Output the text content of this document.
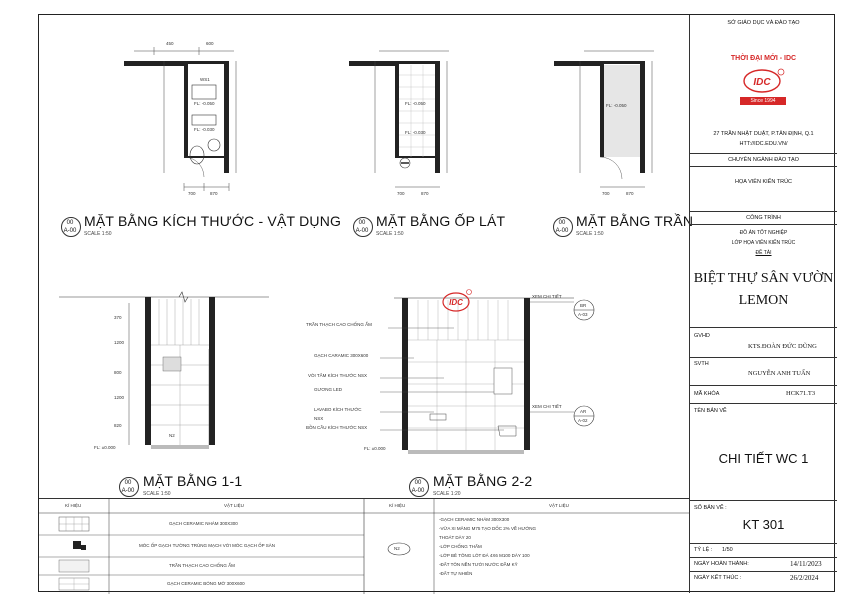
WS1
FL: -0.050
FL: -0.030
450	600
700	870
FL: -0.050
FL: -0.030
700	870
FL: -0.050
700	870
00
A-00
MẶT BẰNG KÍCH THƯỚC - VẬT DỤNG
SCALE 1:50
00
A-00
MẶT BẰNG ỐP LÁT
SCALE 1:50
00
A-00
MẶT BẰNG TRẦN
SCALE 1:50
N2
FL: ±0.000
370
1200
800
1200
820
IDC
TRẦN THẠCH CAO CHỐNG ẨM
GẠCH CARAMIC 300X600
VÒI TẮM KÍCH THƯỚC NSX
GƯƠNG LED
LAVABO KÍCH THƯỚC
NSX
BỒN CẦU KÍCH THƯỚC NSX
XEM CHI TIẾT
BR
A-03
XEM CHI TIẾT
AR
A-02
FL: ±0.000
00
A-00
MẶT BẰNG 1-1
SCALE 1:50
00
A-00
MẶT BẰNG 2-2
SCALE 1:20
KÍ HIỆU	VẬT LIỆU	KÍ HIỆU	VẬT LIỆU
GẠCH CERAMIC NHÁM 300X300
MÓC ỐP GẠCH TƯỜNG TRÙNG MẠCH VỚI MÓC GẠCH ỐP SÀN
TRẦN THẠCH CAO CHỐNG ẨM
GẠCH CERAMIC BÓNG MỜ 300X600
N2
-GẠCH CERAMIC NHÁM 300X300
-VỮA XI MĂNG M75 TẠO DỐC 2% VỀ HƯỚNG
THOÁT DÀY 20
-LỚP CHỐNG THẤM
-LỚP BÊ TÔNG LÓT ĐÁ 4X6 M100 DÀY 100
-ĐẤT TÔN NỀN TƯỚI NƯỚC ĐẦM KỸ
-ĐẤT TỰ NHIÊN
SỞ GIÁO DỤC VÀ ĐÀO TẠO
THỜI ĐẠI MỚI - IDC
IDC
Since 1994
27 TRẦN NHẬT DUẬT, P.TÂN ĐỊNH, Q.1
HTT://IDC.EDU.VN/
CHUYÊN NGÀNH ĐÀO TẠO
HỌA VIÊN KIẾN TRÚC
CÔNG TRÌNH
ĐỒ ÁN TỐT NGHIỆP
LỚP HỌA VIÊN KIẾN TRÚC
ĐỀ TÀI
BIỆT THỰ SÂN VƯỜN
LEMON
GVHD
KTS.ĐOÀN ĐỨC DŨNG
SVTH
NGUYỄN ANH TUẤN
MÃ KHÓA	HCK71.T3
TÊN BẢN VẼ
CHI TIẾT WC 1
SỐ BẢN VẼ :
KT 301
TỶ LỆ : 1/50
NGÀY HOÀN THÀNH:	14/11/2023
NGÀY KẾT THÚC :	26/2/2024
